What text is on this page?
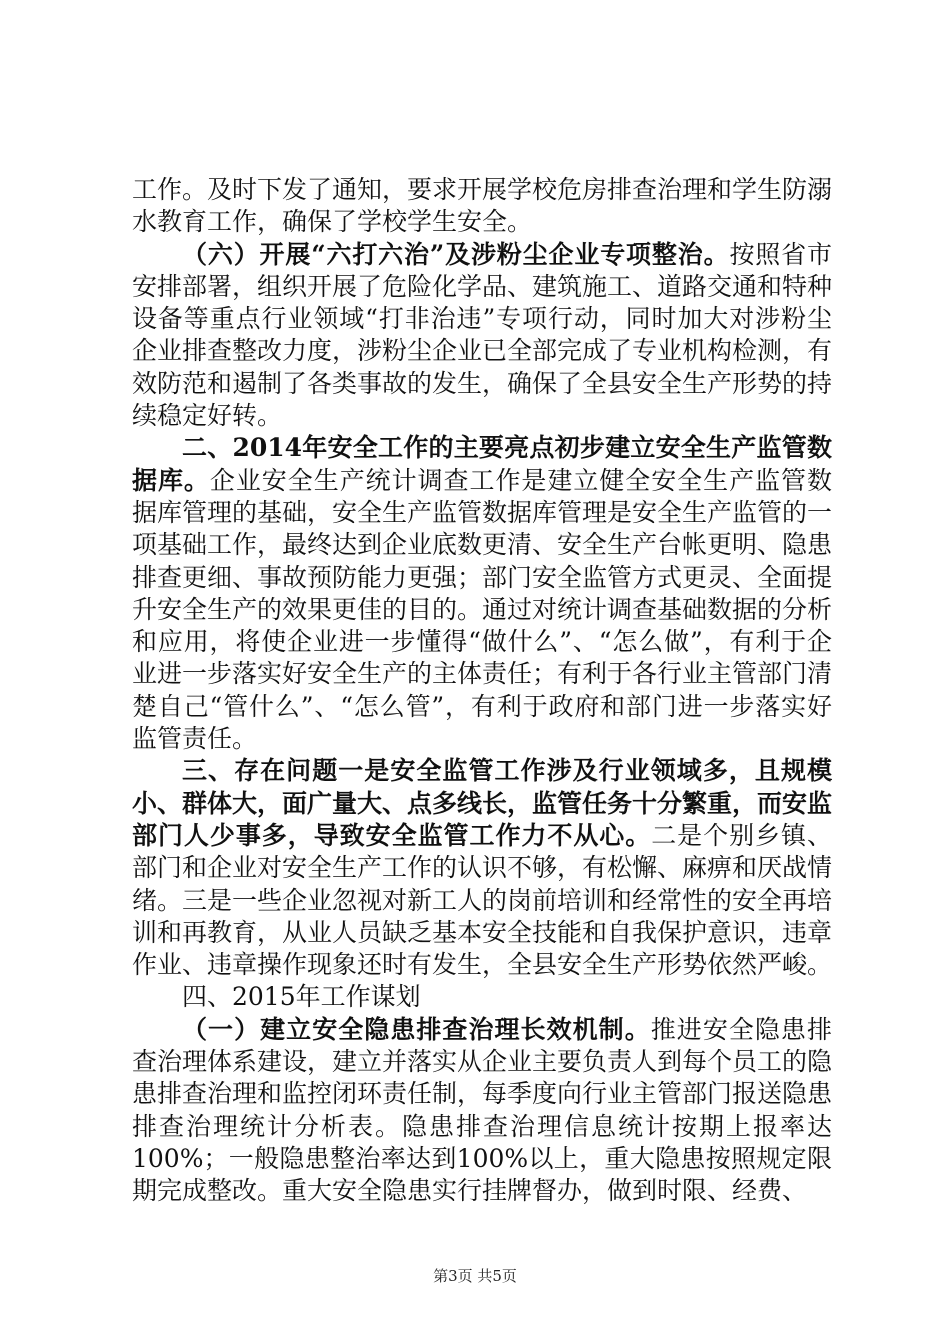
工作。及时下发了通知，要求开展学校危房排查治理和学生防溺水教育工作，确保了学校学生安全。

（六）开展“六打六治”及涉粉尘企业专项整治。按照省市安排部署，组织开展了危险化学品、建筑施工、道路交通和特种设备等重点行业领域“打非治违”专项行动，同时加大对涉粉尘企业排查整改力度，涉粉尘企业已全部完成了专业机构检测，有效防范和遏制了各类事故的发生，确保了全县安全生产形势的持续稳定好转。

二、2014年安全工作的主要亮点初步建立安全生产监管数据库。企业安全生产统计调查工作是建立健全安全生产监管数据库管理的基础，安全生产监管数据库管理是安全生产监管的一项基础工作，最终达到企业底数更清、安全生产台帐更明、隐患排查更细、事故预防能力更强；部门安全监管方式更灵、全面提升安全生产的效果更佳的目的。通过对统计调查基础数据的分析和应用，将使企业进一步懂得“做什么”、“怎么做”，有利于企业进一步落实好安全生产的主体责任；有利于各行业主管部门清楚自己“管什么”、“怎么管”，有利于政府和部门进一步落实好监管责任。

三、存在问题一是安全监管工作涉及行业领域多，且规模小、群体大，面广量大、点多线长，监管任务十分繁重，而安监部门人少事多，导致安全监管工作力不从心。二是个别乡镇、部门和企业对安全生产工作的认识不够，有松懈、麻痹和厌战情绪。三是一些企业忽视对新工人的岗前培训和经常性的安全再培训和再教育，从业人员缺乏基本安全技能和自我保护意识，违章作业、违章操作现象还时有发生，全县安全生产形势依然严峻。

四、2015年工作谋划

（一）建立安全隐患排查治理长效机制。推进安全隐患排查治理体系建设，建立并落实从企业主要负责人到每个员工的隐患排查治理和监控闭环责任制，每季度向行业主管部门报送隐患排查治理统计分析表。隐患排查治理信息统计按期上报率达100%；一般隐患整治率达到100%以上，重大隐患按照规定限期完成整改。重大安全隐患实行挂牌督办，做到时限、经费、

第3页 共5页
